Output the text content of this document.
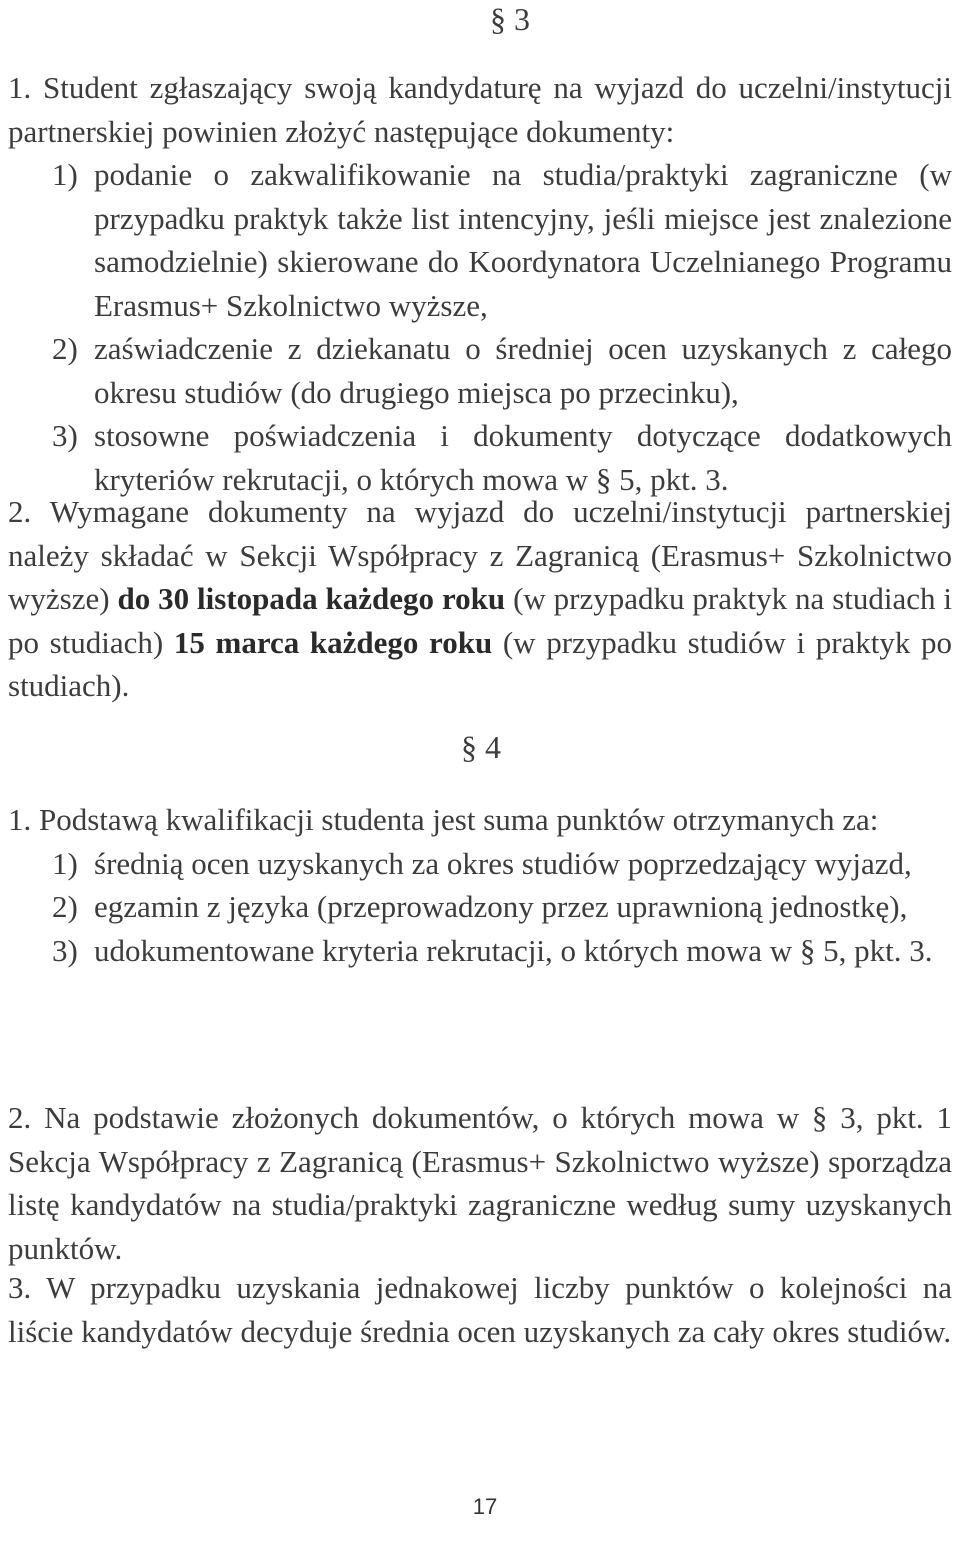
§ 3

1. Student zgłaszający swoją kandydaturę na wyjazd do uczelni/instytucji partnerskiej powinien złożyć następujące dokumenty:

1) podanie o zakwalifikowanie na studia/praktyki zagraniczne (w przypadku praktyk także list intencyjny, jeśli miejsce jest znalezione samodzielnie) skierowane do Koordynatora Uczelnianego Programu Erasmus+ Szkolnictwo wyższe,

2) zaświadczenie z dziekanatu o średniej ocen uzyskanych z całego okresu studiów (do drugiego miejsca po przecinku),

3) stosowne poświadczenia i dokumenty dotyczące dodatkowych kryteriów rekrutacji, o których mowa w § 5, pkt. 3.

2. Wymagane dokumenty na wyjazd do uczelni/instytucji partnerskiej należy składać w Sekcji Współpracy z Zagranicą (Erasmus+ Szkolnictwo wyższe) do 30 listopada każdego roku (w przypadku praktyk na studiach i po studiach) 15 marca każdego roku (w przypadku studiów i praktyk po studiach).

§ 4

1. Podstawą kwalifikacji studenta jest suma punktów otrzymanych za:

1) średnią ocen uzyskanych za okres studiów poprzedzający wyjazd,

2) egzamin z języka (przeprowadzony przez uprawnioną jednostkę),

3) udokumentowane kryteria rekrutacji, o których mowa w § 5, pkt. 3.

2. Na podstawie złożonych dokumentów, o których mowa w § 3, pkt. 1 Sekcja Współpracy z Zagranicą (Erasmus+ Szkolnictwo wyższe) sporządza listę kandydatów na studia/praktyki zagraniczne według sumy uzyskanych punktów.

3. W przypadku uzyskania jednakowej liczby punktów o kolejności na liście kandydatów decyduje średnia ocen uzyskanych za cały okres studiów.

17
